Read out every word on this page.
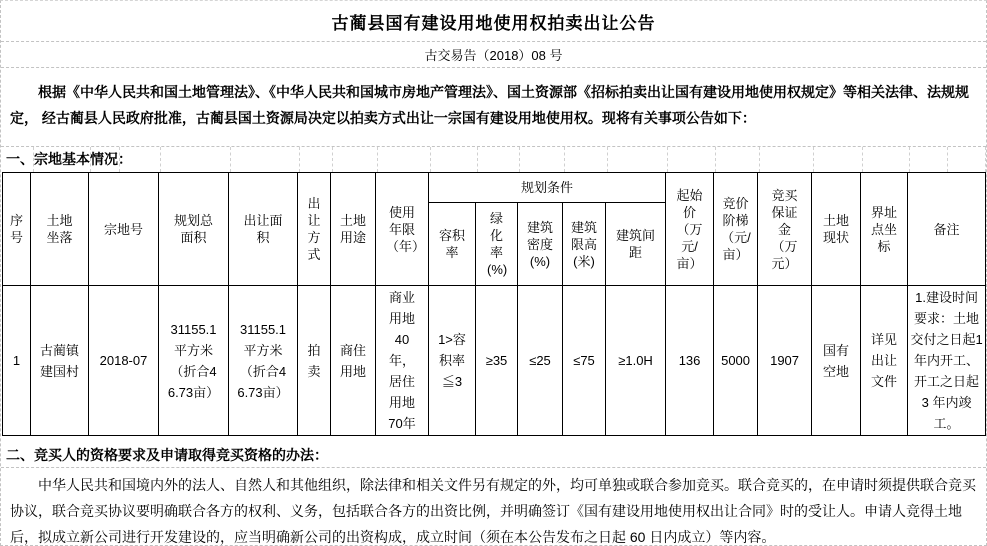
古蔺县国有建设用地使用权拍卖出让公告
古交易告（2018）08 号
根据《中华人民共和国土地管理法》、《中华人民共和国城市房地产管理法》、国土资源部《招标拍卖出让国有建设用地使用权规定》等相关法律、法规规定， 经古蔺县人民政府批准，古蔺县国土资源局决定以拍卖方式出让一宗国有建设用地使用权。现将有关事项公告如下：
一、宗地基本情况：
序号	土地坐落	宗地号	规划总面积	出让面积	出让方式	土地用途	使用年限（年）	规划条件					起始价（万元/亩）	竞价阶梯（元/亩）	竞买保证金（万元）	土地现状	界址点坐标	备注
								容积率	绿化率(%)	建筑密度(%)	建筑限高(米)	建筑间距						
1	古蔺镇建国村	2018-07	31155.1平方米（折合46.73亩）	31155.1平方米（折合46.73亩）	拍卖	商住用地	商业用地40年，居住用地70年	1>容积率≦3	≥35	≤25	≤75	≥1.0H	136	5000	1907	国有空地	详见出让文件	1.建设时间要求：土地交付之日起1年内开工、开工之日起 3 年内竣工。
二、竞买人的资格要求及申请取得竞买资格的办法：
中华人民共和国境内外的法人、自然人和其他组织，除法律和相关文件另有规定的外，均可单独或联合参加竞买。联合竞买的，在申请时须提供联合竞买协议，联合竞买协议要明确联合各方的权利、义务，包括联合各方的出资比例，并明确签订《国有建设用地使用权出让合同》时的受让人。申请人竞得土地后，拟成立新公司进行开发建设的，应当明确新公司的出资构成，成立时间（须在本公告发布之日起 60 日内成立）等内容。
